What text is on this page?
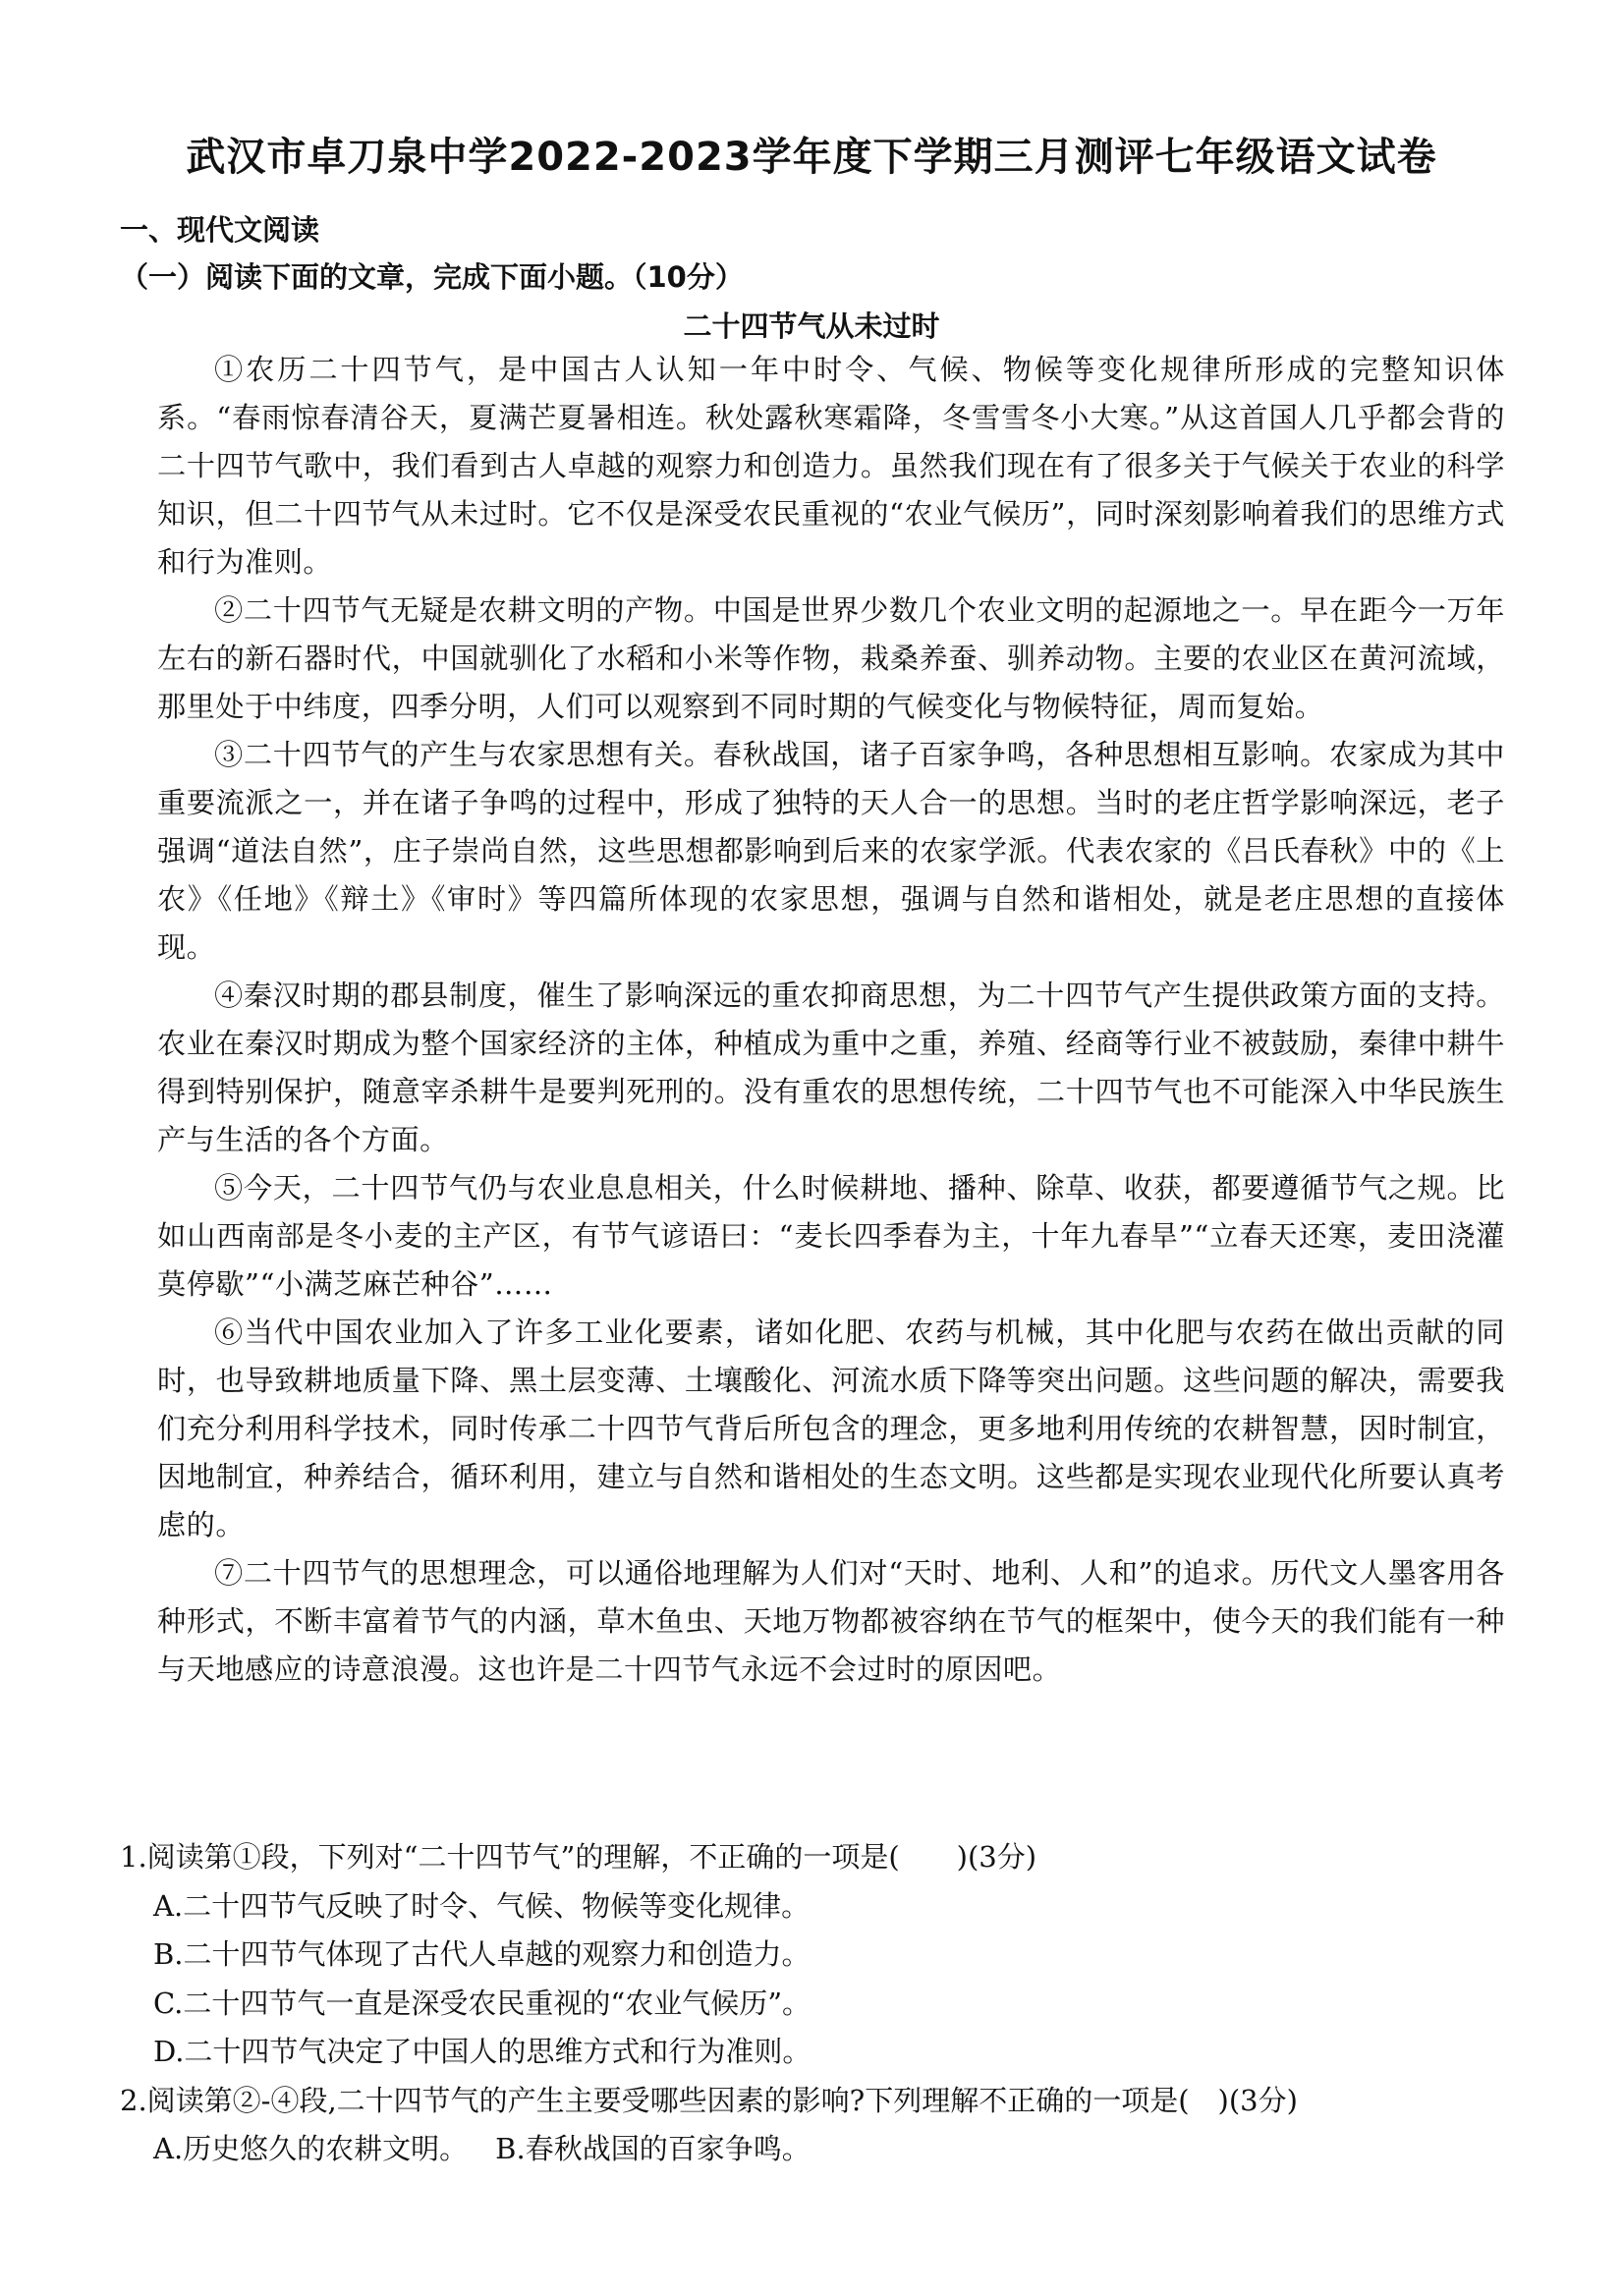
武汉市卓刀泉中学2022-2023学年度下学期三月测评七年级语文试卷
一、现代文阅读
（一）阅读下面的文章，完成下面小题。（10分）
二十四节气从未过时

①农历二十四节气，是中国古人认知一年中时令、气候、物候等变化规律所形成的完整知识体系。“春雨惊春清谷天，夏满芒夏暑相连。秋处露秋寒霜降，冬雪雪冬小大寒。”从这首国人几乎都会背的二十四节气歌中，我们看到古人卓越的观察力和创造力。虽然我们现在有了很多关于气候关于农业的科学知识，但二十四节气从未过时。它不仅是深受农民重视的“农业气候历”，同时深刻影响着我们的思维方式和行为准则。

②二十四节气无疑是农耕文明的产物。中国是世界少数几个农业文明的起源地之一。早在距今一万年左右的新石器时代，中国就驯化了水稻和小米等作物，栽桑养蚕、驯养动物。主要的农业区在黄河流域，那里处于中纬度，四季分明，人们可以观察到不同时期的气候变化与物候特征，周而复始。

③二十四节气的产生与农家思想有关。春秋战国，诸子百家争鸣，各种思想相互影响。农家成为其中重要流派之一，并在诸子争鸣的过程中，形成了独特的天人合一的思想。当时的老庄哲学影响深远，老子强调“道法自然”，庄子崇尚自然，这些思想都影响到后来的农家学派。代表农家的《吕氏春秋》中的《上农》《任地》《辩土》《审时》等四篇所体现的农家思想，强调与自然和谐相处，就是老庄思想的直接体现。

④秦汉时期的郡县制度，催生了影响深远的重农抑商思想，为二十四节气产生提供政策方面的支持。农业在秦汉时期成为整个国家经济的主体，种植成为重中之重，养殖、经商等行业不被鼓励，秦律中耕牛得到特别保护，随意宰杀耕牛是要判死刑的。没有重农的思想传统，二十四节气也不可能深入中华民族生产与生活的各个方面。

⑤今天，二十四节气仍与农业息息相关，什么时候耕地、播种、除草、收获，都要遵循节气之规。比如山西南部是冬小麦的主产区，有节气谚语曰：“麦长四季春为主，十年九春旱”“立春天还寒，麦田浇灌莫停歇”“小满芝麻芒种谷”……

⑥当代中国农业加入了许多工业化要素，诸如化肥、农药与机械，其中化肥与农药在做出贡献的同时，也导致耕地质量下降、黑土层变薄、土壤酸化、河流水质下降等突出问题。这些问题的解决，需要我们充分利用科学技术，同时传承二十四节气背后所包含的理念，更多地利用传统的农耕智慧，因时制宜，因地制宜，种养结合，循环利用，建立与自然和谐相处的生态文明。这些都是实现农业现代化所要认真考虑的。

⑦二十四节气的思想理念，可以通俗地理解为人们对“天时、地利、人和”的追求。历代文人墨客用各种形式，不断丰富着节气的内涵，草木鱼虫、天地万物都被容纳在节气的框架中，使今天的我们能有一种与天地感应的诗意浪漫。这也许是二十四节气永远不会过时的原因吧。

1.阅读第①段，下列对“二十四节气”的理解，不正确的一项是(　　)(3分)

A.二十四节气反映了时令、气候、物候等变化规律。

B.二十四节气体现了古代人卓越的观察力和创造力。

C.二十四节气一直是深受农民重视的“农业气候历”。

D.二十四节气决定了中国人的思维方式和行为准则。

2.阅读第②-④段,二十四节气的产生主要受哪些因素的影响?下列理解不正确的一项是(　)(3分)

A.历史悠久的农耕文明。 B.春秋战国的百家争鸣。
